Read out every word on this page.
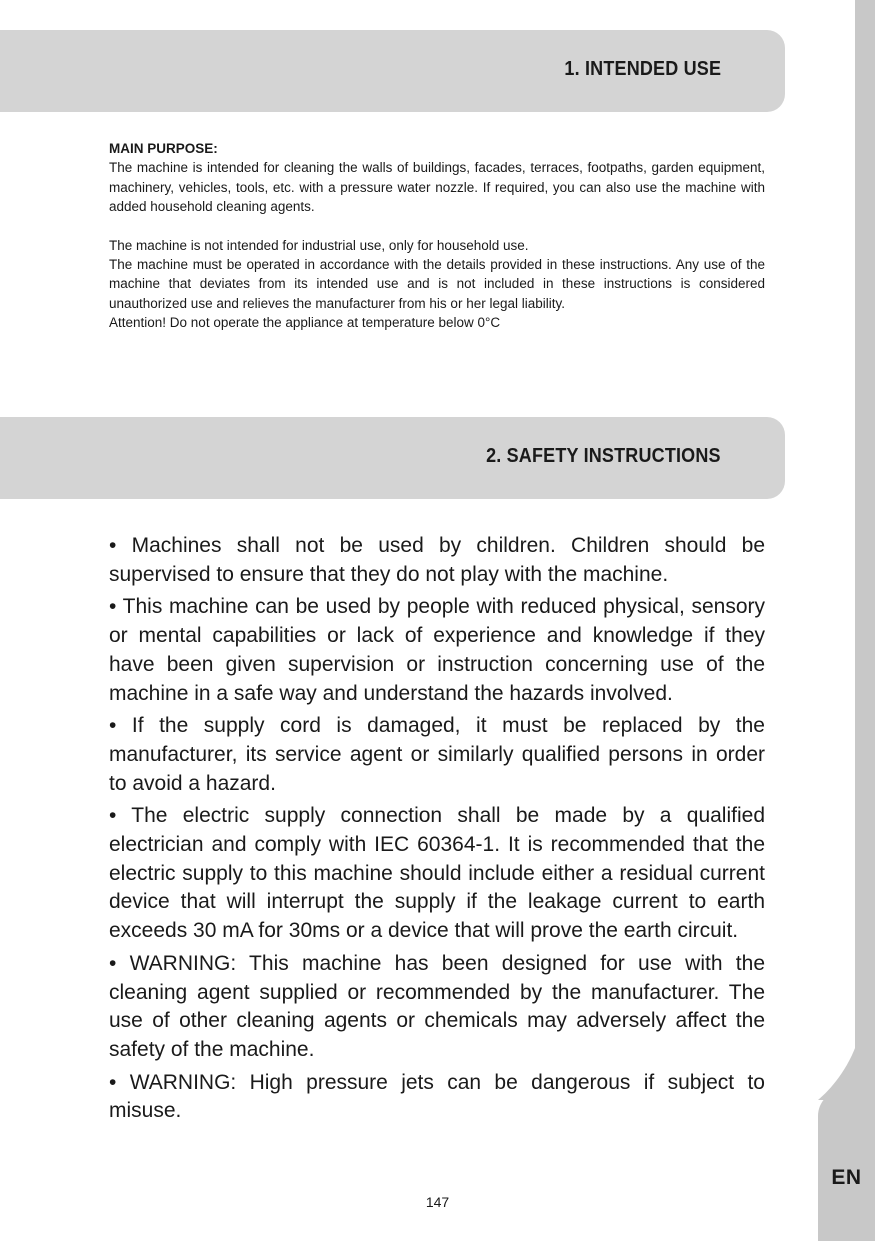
EN
1. INTENDED USE
MAIN PURPOSE:

The machine is intended for cleaning the walls of buildings, facades, terraces, footpaths, garden equipment, machinery, vehicles, tools, etc. with a pressure water nozzle. If required, you can also use the machine with added household cleaning agents.

The machine is not intended for industrial use, only for household use.

The machine must be operated in accordance with the details provided in these instructions. Any use of the machine that deviates from its intended use and is not included in these instructions is considered unauthorized use and relieves the manufacturer from his or her legal liability.

Attention! Do not operate the appliance at temperature below 0°C

2. SAFETY INSTRUCTIONS

• Machines shall not be used by children. Children should be supervised to ensure that they do not play with the machine.

• This machine can be used by people with reduced physical, sensory or mental capabilities or lack of experience and knowledge if they have been given supervision or instruction concerning use of the machine in a safe way and understand the hazards involved.

• If the supply cord is damaged, it must be replaced by the manufacturer, its service agent or similarly qualified persons in order to avoid a hazard.

• The electric supply connection shall be made by a qualified electrician and comply with IEC 60364-1. It is recommended that the electric supply to this machine should include either a residual current device that will interrupt the supply if the leakage current to earth exceeds 30 mA for 30ms or a device that will prove the earth circuit.

• WARNING: This machine has been designed for use with the cleaning agent supplied or recommended by the manufacturer. The use of other cleaning agents or chemicals may adversely affect the safety of the machine.

• WARNING: High pressure jets can be dangerous if subject to misuse.

147
